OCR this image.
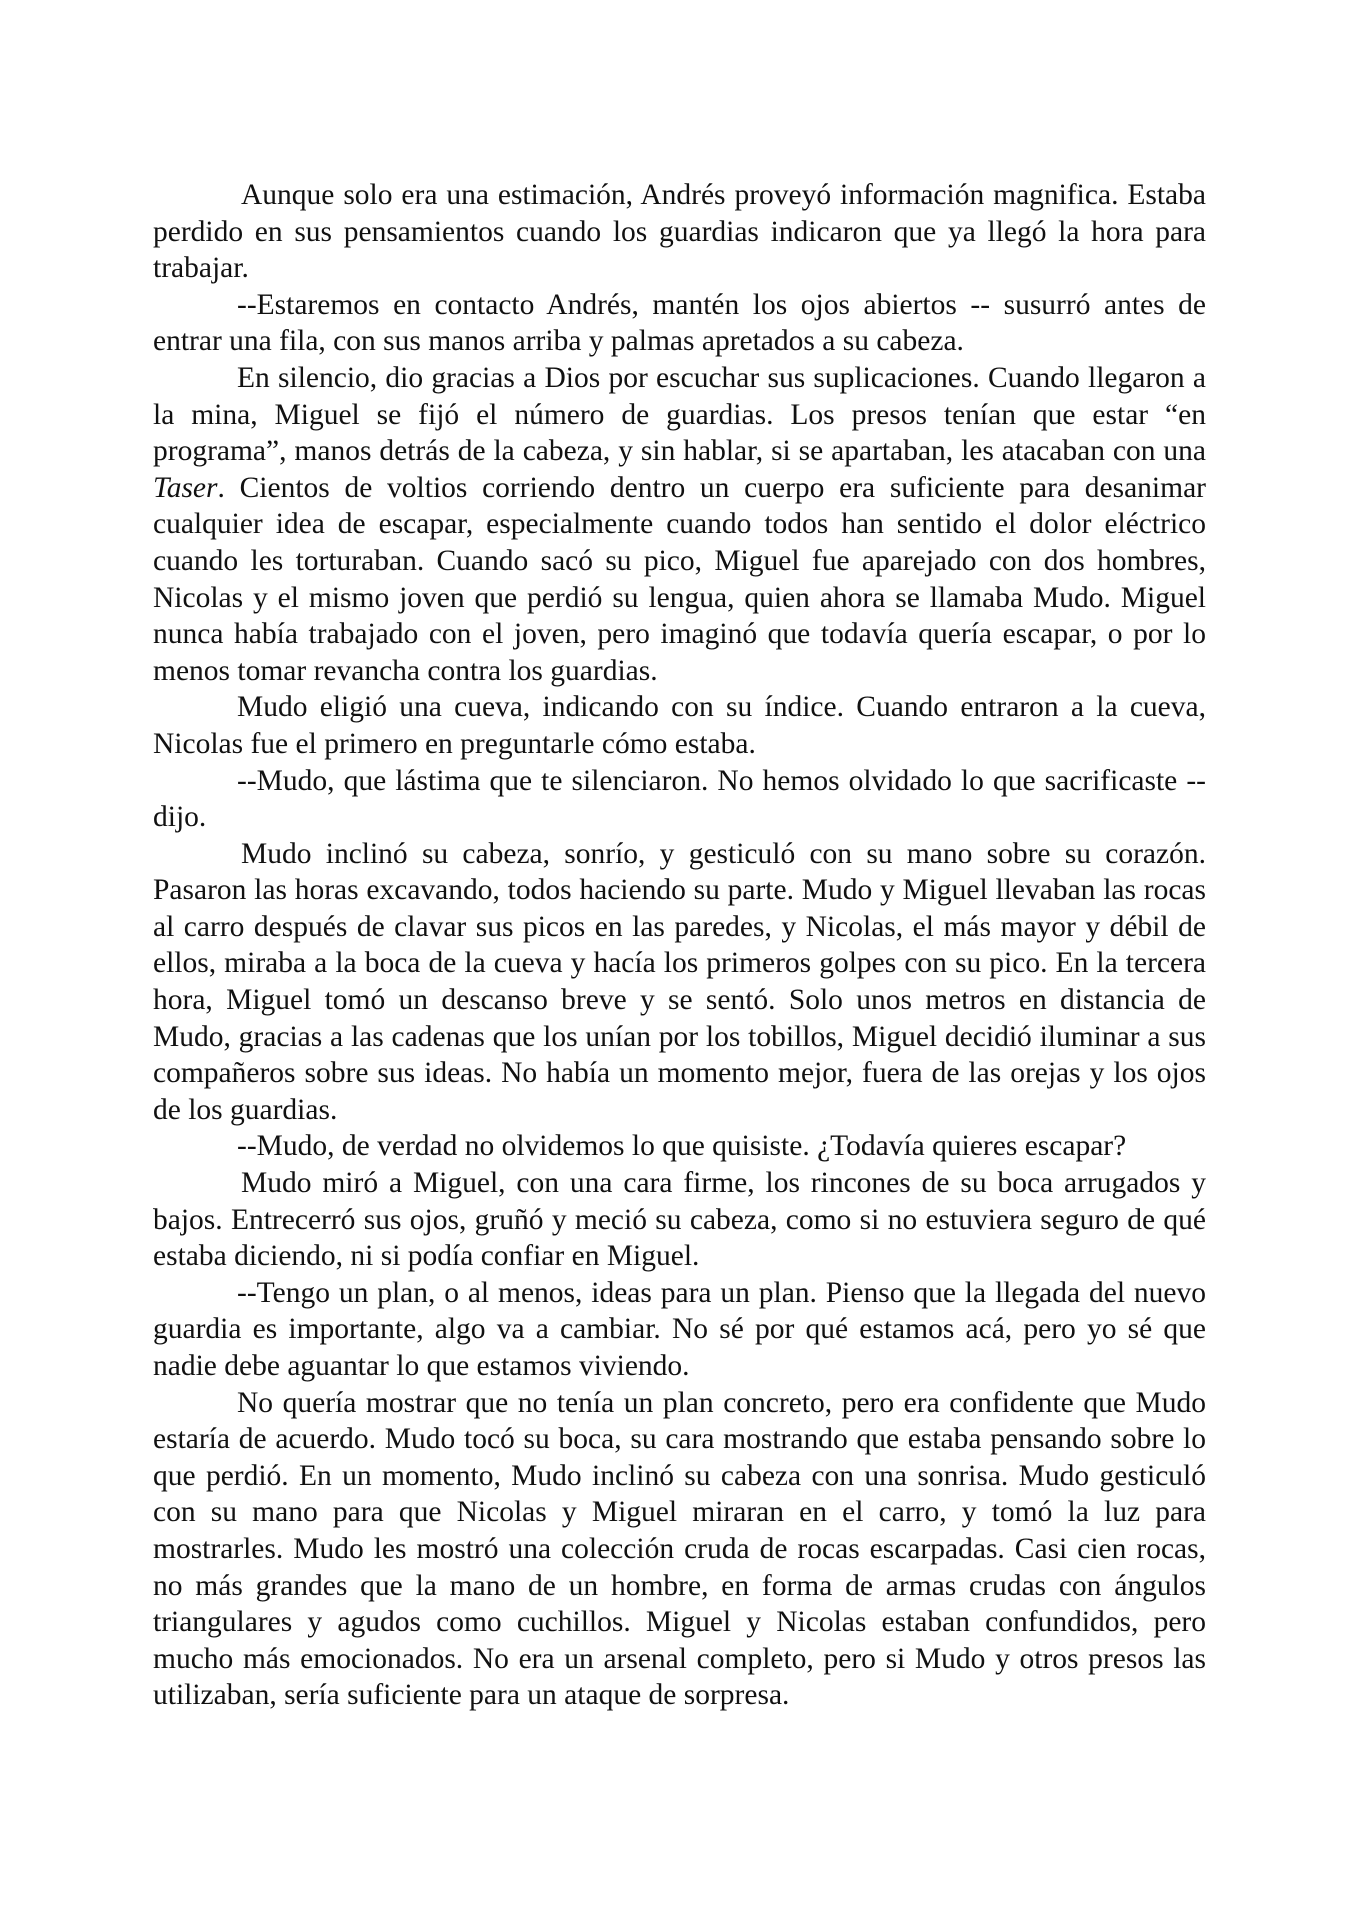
Aunque solo era una estimación, Andrés proveyó información magnifica. Estaba perdido en sus pensamientos cuando los guardias indicaron que ya llegó la hora para trabajar.

--Estaremos en contacto Andrés, mantén los ojos abiertos -- susurró antes de entrar una fila, con sus manos arriba y palmas apretados a su cabeza.

En silencio, dio gracias a Dios por escuchar sus suplicaciones. Cuando llegaron a la mina, Miguel se fijó el número de guardias. Los presos tenían que estar “en programa”, manos detrás de la cabeza, y sin hablar, si se apartaban, les atacaban con una Taser. Cientos de voltios corriendo dentro un cuerpo era suficiente para desanimar cualquier idea de escapar, especialmente cuando todos han sentido el dolor eléctrico cuando les torturaban. Cuando sacó su pico, Miguel fue aparejado con dos hombres, Nicolas y el mismo joven que perdió su lengua, quien ahora se llamaba Mudo. Miguel nunca había trabajado con el joven, pero imaginó que todavía quería escapar, o por lo menos tomar revancha contra los guardias.

Mudo eligió una cueva, indicando con su índice. Cuando entraron a la cueva, Nicolas fue el primero en preguntarle cómo estaba.

--Mudo, que lástima que te silenciaron. No hemos olvidado lo que sacrificaste --dijo.

Mudo inclinó su cabeza, sonrío, y gesticuló con su mano sobre su corazón. Pasaron las horas excavando, todos haciendo su parte. Mudo y Miguel llevaban las rocas al carro después de clavar sus picos en las paredes, y Nicolas, el más mayor y débil de ellos, miraba a la boca de la cueva y hacía los primeros golpes con su pico. En la tercera hora, Miguel tomó un descanso breve y se sentó. Solo unos metros en distancia de Mudo, gracias a las cadenas que los unían por los tobillos, Miguel decidió iluminar a sus compañeros sobre sus ideas. No había un momento mejor, fuera de las orejas y los ojos de los guardias.

--Mudo, de verdad no olvidemos lo que quisiste. ¿Todavía quieres escapar?

Mudo miró a Miguel, con una cara firme, los rincones de su boca arrugados y bajos. Entrecerró sus ojos, gruñó y meció su cabeza, como si no estuviera seguro de qué estaba diciendo, ni si podía confiar en Miguel.

--Tengo un plan, o al menos, ideas para un plan. Pienso que la llegada del nuevo guardia es importante, algo va a cambiar. No sé por qué estamos acá, pero yo sé que nadie debe aguantar lo que estamos viviendo.

No quería mostrar que no tenía un plan concreto, pero era confidente que Mudo estaría de acuerdo. Mudo tocó su boca, su cara mostrando que estaba pensando sobre lo que perdió. En un momento, Mudo inclinó su cabeza con una sonrisa. Mudo gesticuló con su mano para que Nicolas y Miguel miraran en el carro, y tomó la luz para mostrarles. Mudo les mostró una colección cruda de rocas escarpadas. Casi cien rocas, no más grandes que la mano de un hombre, en forma de armas crudas con ángulos triangulares y agudos como cuchillos. Miguel y Nicolas estaban confundidos, pero mucho más emocionados. No era un arsenal completo, pero si Mudo y otros presos las utilizaban, sería suficiente para un ataque de sorpresa.
